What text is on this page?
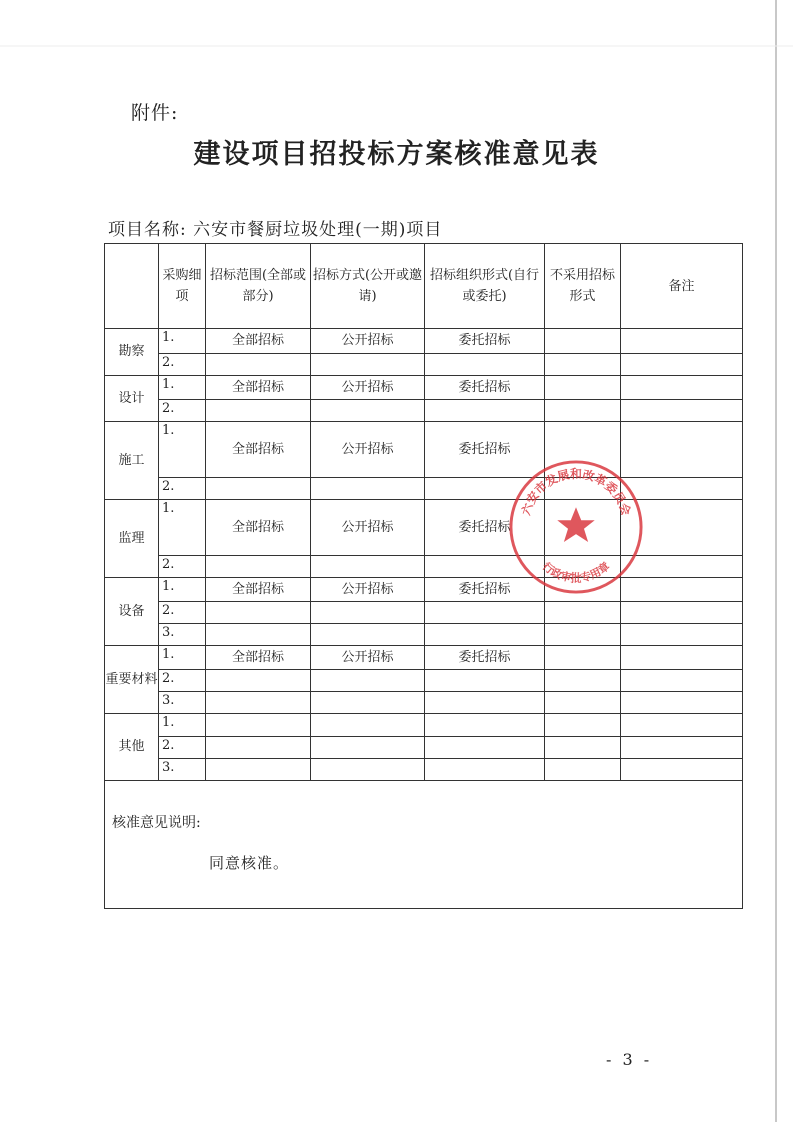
附件:
建设项目招投标方案核准意见表
项目名称: 六安市餐厨垃圾处理(一期)项目
	采购细项	招标范围(全部或部分)	招标方式(公开或邀请)	招标组织形式(自行或委托)	不采用招标形式	备注
勘察	1.	全部招标	公开招标	委托招标		
	2.					
设计	1.	全部招标	公开招标	委托招标		
	2.					
施工	1.	全部招标	公开招标	委托招标		
	2.					
监理	1.	全部招标	公开招标	委托招标		
	2.					
设备	1.	全部招标	公开招标	委托招标		
	2.					
	3.					
重要材料	1.	全部招标	公开招标	委托招标		
	2.					
	3.					
其他	1.					
	2.					
	3.					

核准意见说明:
同意核准。
六安市发展和改革委员会
行政审批专用章
- 3 -
